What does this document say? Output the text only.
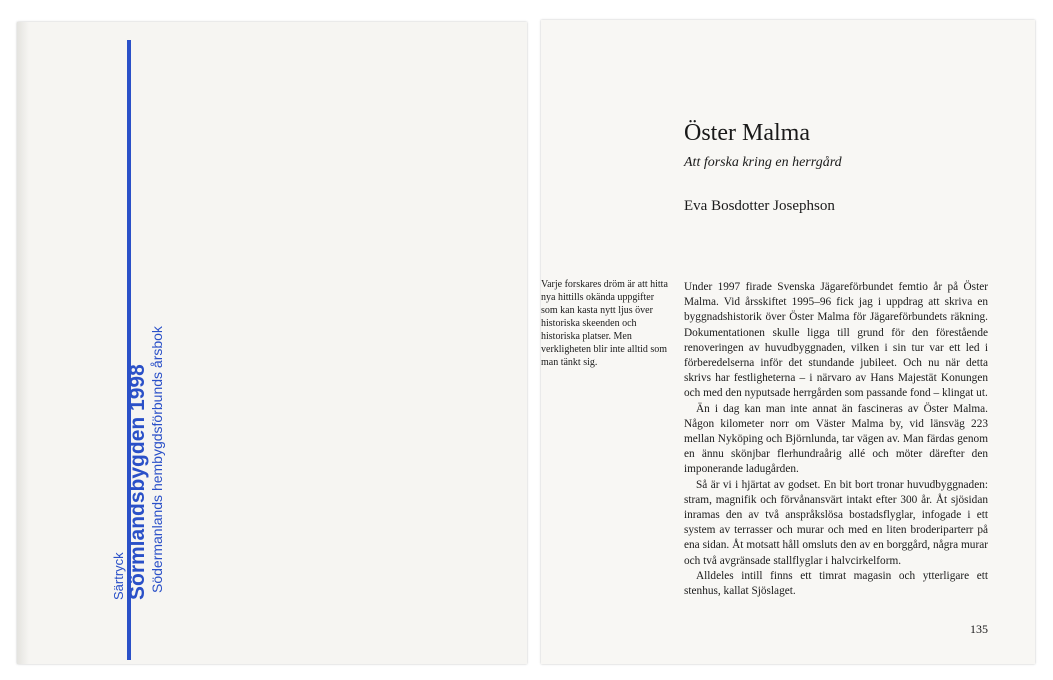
Särtryck Sörmlandsbygden 1998 Södermanlands hembygdsförbunds årsbok
Öster Malma
Att forska kring en herrgård
Eva Bosdotter Josephson
Varje forskares dröm är att hitta nya hittills okända uppgifter som kan kasta nytt ljus över historiska skeenden och historiska platser. Men verkligheten blir inte alltid som man tänkt sig.

Under 1997 firade Svenska Jägareförbundet femtio år på Öster Malma. Vid årsskiftet 1995–96 fick jag i uppdrag att skriva en byggnadshistorik över Öster Malma för Jägareförbundets räkning. Dokumentationen skulle ligga till grund för den förestående renoveringen av huvudbyggnaden, vilken i sin tur var ett led i förberedelserna inför det stundande jubileet. Och nu när detta skrivs har festligheterna – i närvaro av Hans Majestät Konungen och med den nyputsade herrgården som passande fond – klingat ut.

Än i dag kan man inte annat än fascineras av Öster Malma. Någon kilometer norr om Väster Malma by, vid länsväg 223 mellan Nyköping och Björnlunda, tar vägen av. Man färdas genom en ännu skönjbar flerhundraårig allé och möter därefter den imponerande ladugården.

Så är vi i hjärtat av godset. En bit bort tronar huvudbyggnaden: stram, magnifik och förvånansvärt intakt efter 300 år. Åt sjösidan inramas den av två anspråkslösa bostadsflyglar, infogade i ett system av terrasser och murar och med en liten broderiparterr på ena sidan. Åt motsatt håll omsluts den av en borggård, några murar och två avgränsade stallflyglar i halvcirkelform.

Alldeles intill finns ett timrat magasin och ytterligare ett stenhus, kallat Sjöslaget.

135
